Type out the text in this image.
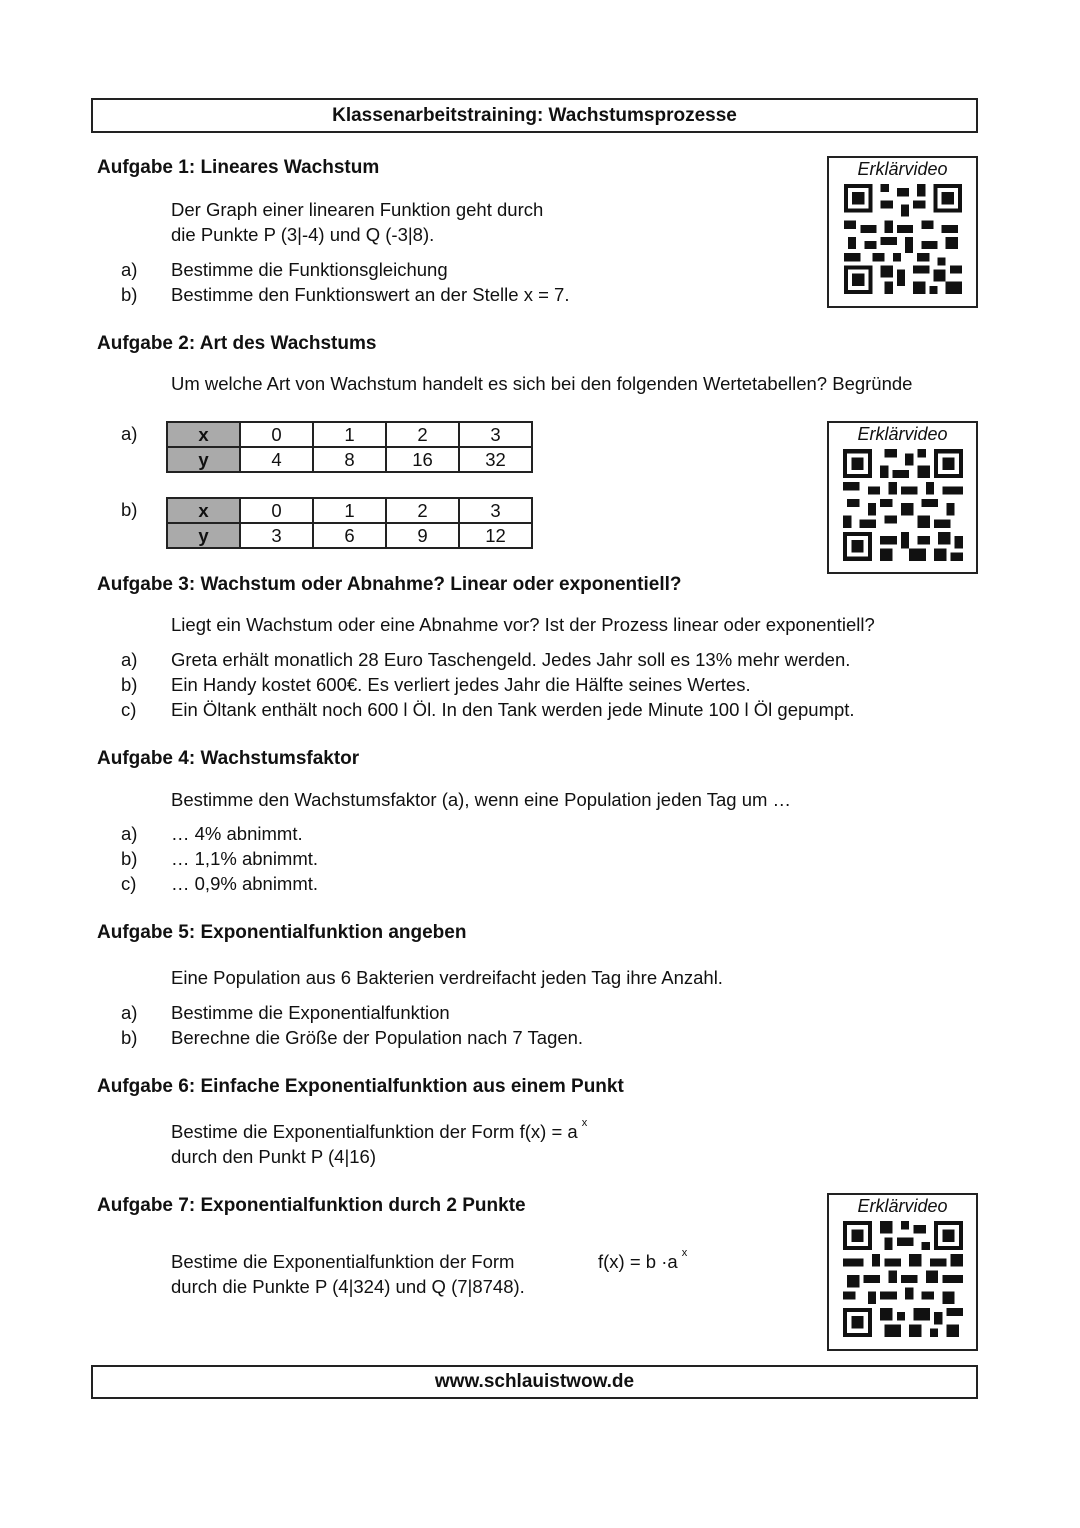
Klassenarbeitstraining: Wachstumsprozesse
Aufgabe 1: Lineares Wachstum
Der Graph einer linearen Funktion geht durch
die Punkte P (3|-4) und Q (-3|8).
a) Bestimme die Funktionsgleichung
b) Bestimme den Funktionswert an der Stelle x = 7.
Erklärvideo
Aufgabe 2: Art des Wachstums
Um welche Art von Wachstum handelt es sich bei den folgenden Wertetabellen? Begründe
a)	x	0	1	2	3
y	4	8	16	32
b)	x	0	1	2	3
y	3	6	9	12
Erklärvideo
Aufgabe 3: Wachstum oder Abnahme? Linear oder exponentiell?
Liegt ein Wachstum oder eine Abnahme vor? Ist der Prozess linear oder exponentiell?
a) Greta erhält monatlich 28 Euro Taschengeld. Jedes Jahr soll es 13% mehr werden.
b) Ein Handy kostet 600€. Es verliert jedes Jahr die Hälfte seines Wertes.
c) Ein Öltank enthält noch 600 l Öl. In den Tank werden jede Minute 100 l Öl gepumpt.
Aufgabe 4: Wachstumsfaktor
Bestimme den Wachstumsfaktor (a), wenn eine Population jeden Tag um …
a) … 4% abnimmt.
b) … 1,1% abnimmt.
c) … 0,9% abnimmt.
Aufgabe 5: Exponentialfunktion angeben
Eine Population aus 6 Bakterien verdreifacht jeden Tag ihre Anzahl.
a) Bestimme die Exponentialfunktion
b) Berechne die Größe der Population nach 7 Tagen.
Aufgabe 6: Einfache Exponentialfunktion aus einem Punkt
Bestime die Exponentialfunktion der Form f(x) = a $^x$
durch den Punkt P (4|16)
Aufgabe 7: Exponentialfunktion durch 2 Punkte
Bestime die Exponentialfunktion der Form	f(x) = b ·a $^x$
durch die Punkte P (4|324) und Q (7|8748).
Erklärvideo
www.schlauistwow.de
